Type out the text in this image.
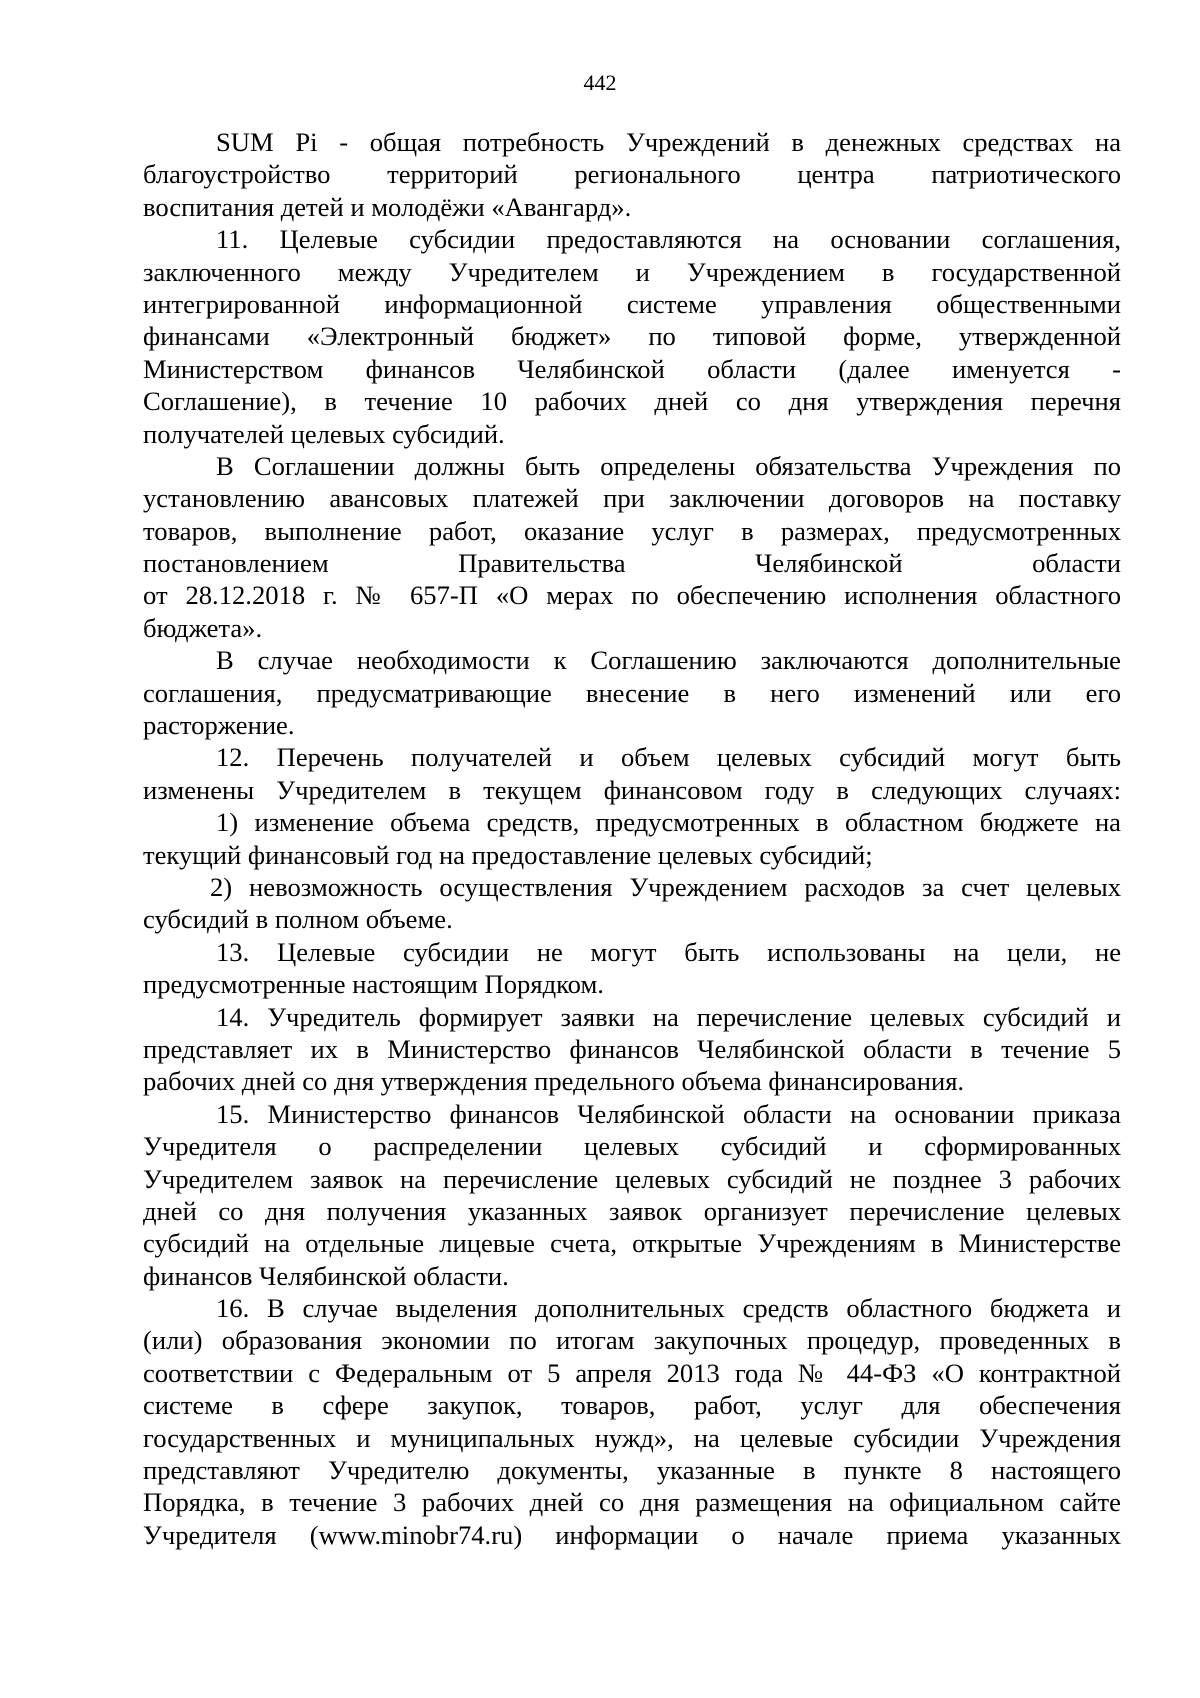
442
SUM Pi - общая потребность Учреждений в денежных средствах на
благоустройство территорий регионального центра патриотического
воспитания детей и молодёжи «Авангард».
11. Целевые субсидии предоставляются на основании соглашения,
заключенного между Учредителем и Учреждением в государственной
интегрированной информационной системе управления общественными
финансами «Электронный бюджет» по типовой форме, утвержденной
Министерством финансов Челябинской области (далее именуется -
Соглашение), в течение 10 рабочих дней со дня утверждения перечня
получателей целевых субсидий.
В Соглашении должны быть определены обязательства Учреждения по
установлению авансовых платежей при заключении договоров на поставку
товаров, выполнение работ, оказание услуг в размерах, предусмотренных
постановлением Правительства Челябинской области
от 28.12.2018 г. № 657-П «О мерах по обеспечению исполнения областного
бюджета».
В случае необходимости к Соглашению заключаются дополнительные
соглашения, предусматривающие внесение в него изменений или его
расторжение.
12. Перечень получателей и объем целевых субсидий могут быть
изменены Учредителем в текущем финансовом году в следующих случаях:
1) изменение объема средств, предусмотренных в областном бюджете на
текущий финансовый год на предоставление целевых субсидий;
2) невозможность осуществления Учреждением расходов за счет целевых
субсидий в полном объеме.
13. Целевые субсидии не могут быть использованы на цели, не
предусмотренные настоящим Порядком.
14. Учредитель формирует заявки на перечисление целевых субсидий и
представляет их в Министерство финансов Челябинской области в течение 5
рабочих дней со дня утверждения предельного объема финансирования.
15. Министерство финансов Челябинской области на основании приказа
Учредителя о распределении целевых субсидий и сформированных
Учредителем заявок на перечисление целевых субсидий не позднее 3 рабочих
дней со дня получения указанных заявок организует перечисление целевых
субсидий на отдельные лицевые счета, открытые Учреждениям в Министерстве
финансов Челябинской области.
16. В случае выделения дополнительных средств областного бюджета и
(или) образования экономии по итогам закупочных процедур, проведенных в
соответствии с Федеральным от 5 апреля 2013 года № 44-ФЗ «О контрактной
системе в сфере закупок, товаров, работ, услуг для обеспечения
государственных и муниципальных нужд», на целевые субсидии Учреждения
представляют Учредителю документы, указанные в пункте 8 настоящего
Порядка, в течение 3 рабочих дней со дня размещения на официальном сайте
Учредителя (www.minobr74.ru) информации о начале приема указанных
